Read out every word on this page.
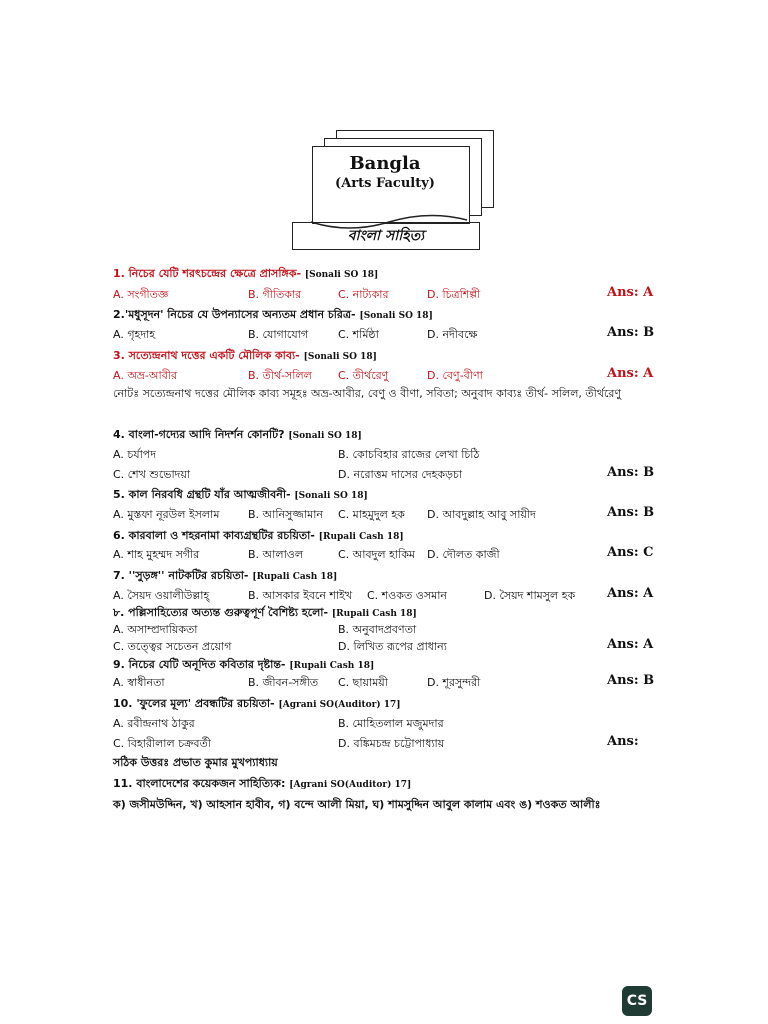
Bangla
(Arts Faculty)
বাংলা সাহিত্য
1. নিচের যেটি শরৎচন্দ্রের ক্ষেত্রে প্রাসঙ্গিক- [Sonali SO 18]
A. সংগীতজ্ঞ	B. গীতিকার	C. নাট্যকার	D. চিত্রশিল্পী	Ans: A
2.'মধুসূদন' নিচের যে উপন্যাসের অন্যতম প্রধান চরিত্র- [Sonali SO 18]
A. গৃহদাহ	B. যোগাযোগ	C. শর্মিষ্ঠা	D. নদীবক্ষে	Ans: B
3. সত্যেন্দ্রনাথ দত্তের একটি মৌলিক কাব্য- [Sonali SO 18]
A. অভ্র-আবীর	B. তীর্থ-সলিল C. তীর্থরেণু	D. বেণু-বীণা	Ans: A
নোটঃ সত্যেন্দ্রনাথ দত্তের মৌলিক কাব্য সমূহঃ অভ্র-আবীর, বেণু ও বীণা, সবিতা; অনুবাদ কাব্যঃ তীর্থ- সলিল, তীর্থরেণু
4. বাংলা-গদ্যের আদি নিদর্শন কোনটি? [Sonali SO 18]
A. চর্যাপদ	B. কোচবিহার রাজের লেখা চিঠি
C. শেখ শুভোদয়া	D. নরোত্তম দাসের দেহকড়চা	Ans: B
5. কাল নিরবধি গ্রন্থটি যাঁর আত্মজীবনী- [Sonali SO 18]
A. মুস্তফা নূরউল ইসলাম	B. আনিসুজ্জামান C. মাহমুদুল হক D. আবদুল্লাহ আবু সায়ীদ	Ans: B
6. কারবালা ও শহরনামা কাব্যগ্রন্থটির রচয়িতা- [Rupali Cash 18]
A. শাহ মুহম্মদ সগীর	B. আলাওল	C. আবদুল হাকিম D. দৌলত কাজী	Ans: C
7. ''সুড়ঙ্গ'' নাটকটির রচয়িতা- [Rupali Cash 18]
A. সৈয়দ ওয়ালীউল্লাহ্	B. আসকার ইবনে শাইখ C. শওকত ওসমান	D. সৈয়দ শামসুল হক Ans: A
৮. পল্লিসাহিত্যের অত্যন্ত গুরুত্বপূর্ণ বৈশিষ্ট্য হলো- [Rupali Cash 18]
A. অসাম্প্রদায়িকতা	B. অনুবাদপ্রবণতা
C. তত্ত্বের সচেতন প্রয়োগ	D. লিখিত রূপের প্রাধান্য	Ans: A
9. নিচের যেটি অনূদিত কবিতার দৃষ্টান্ত- [Rupali Cash 18]
A. স্বাধীনতা	B. জীবন-সঙ্গীত C. ছায়াময়ী	D. শূরসুন্দরী	Ans: B
10. 'ফুলের মূল্য' প্রবন্ধটির রচয়িতা- [Agrani SO(Auditor) 17]
A. রবীন্দ্রনাথ ঠাকুর	B. মোহিতলাল মজুমদার
C. বিহারীলাল চক্রবর্তী	D. বঙ্কিমচন্দ্র চট্টোপাধ্যায়	Ans:
সঠিক উত্তরঃ প্রভাত কুমার মুখপ্যাধ্যায়
11. বাংলাদেশের কয়েকজন সাহিত্যিক: [Agrani SO(Auditor) 17]
ক) জসীমউদ্দিন, খ) আহসান হাবীব, গ) বন্দে আলী মিয়া, ঘ) শামসুদ্দিন আবুল কালাম এবং ঙ) শওকত আলীঃ
CS
